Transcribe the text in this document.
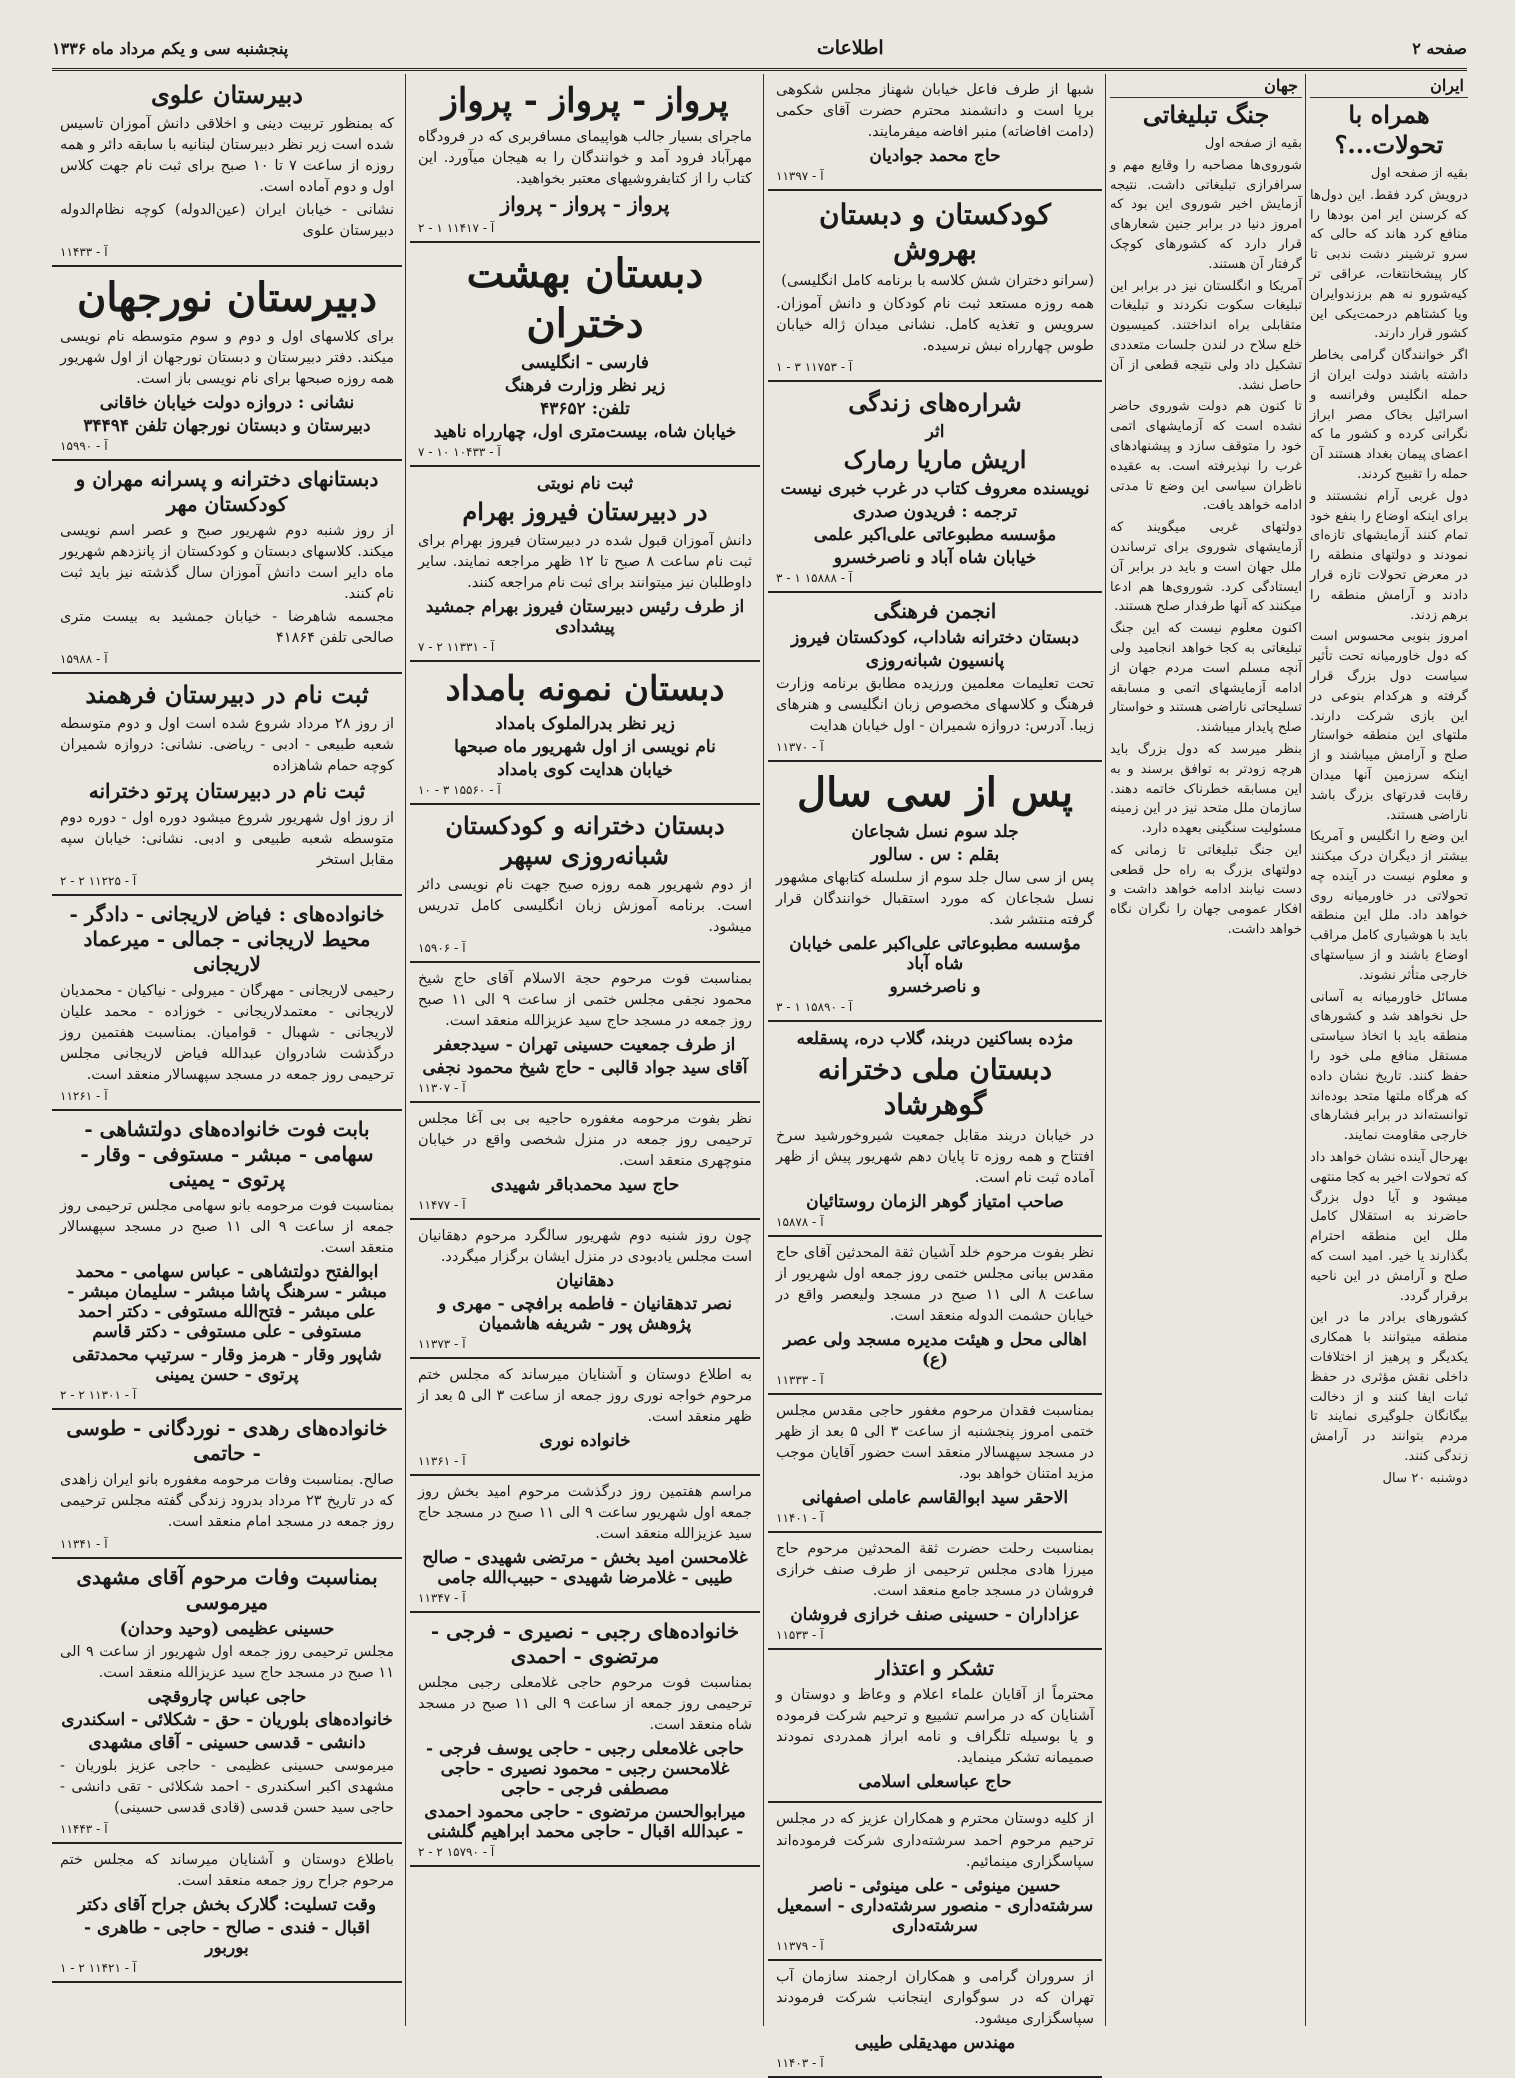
صفحه ۲
اطلاعات
پنجشنبه سی و یکم مرداد ماه ۱۳۳۶
ایران
همراه با تحولات...؟

بقیه از صفحه اول

درویش کرد فقط. این دول‌ها که کرسنن ایر امن بودها را منافع کرد هاند که حالی که سرو ترشینر دشت ندبی تا کار پیشخانتغات، عراقی تر کیه‌شورو نه هم برزندوایران ویا کشتاهم درحمت‌یکی این کشور قرار دارند.

اگر خوانندگان گرامی بخاطر داشته باشند دولت ایران از حمله انگلیس وفرانسه و اسرائیل بخاک مصر ابراز نگرانی کرده و کشور ما که اعضای پیمان بغداد هستند آن حمله را تقبیح کردند.

دول غربی آرام نشستند و برای اینکه اوضاع را بنفع خود تمام کنند آزمایشهای تازه‌ای نمودند و دولتهای منطقه را در معرض تحولات تازه قرار دادند و آرامش منطقه را برهم زدند.

امروز بنوبی محسوس است که دول خاورمیانه تحت تأثیر سیاست دول بزرگ قرار گرفته و هرکدام بنوعی در این بازی شرکت دارند. ملتهای این منطقه خواستار صلح و آرامش میباشند و از اینکه سرزمین آنها میدان رقابت قدرتهای بزرگ باشد ناراضی هستند.

این وضع را انگلیس و آمریکا بیشتر از دیگران درک میکنند و معلوم نیست در آینده چه تحولاتی در خاورمیانه روی خواهد داد. ملل این منطقه باید با هوشیاری کامل مراقب اوضاع باشند و از سیاستهای خارجی متأثر نشوند.

مسائل خاورمیانه به آسانی حل نخواهد شد و کشورهای منطقه باید با اتخاذ سیاستی مستقل منافع ملی خود را حفظ کنند. تاریخ نشان داده که هرگاه ملتها متحد بوده‌اند توانسته‌اند در برابر فشارهای خارجی مقاومت نمایند.

بهرحال آینده نشان خواهد داد که تحولات اخیر به کجا منتهی میشود و آیا دول بزرگ حاضرند به استقلال کامل ملل این منطقه احترام بگذارند یا خیر. امید است که صلح و آرامش در این ناحیه برقرار گردد.

کشورهای برادر ما در این منطقه میتوانند با همکاری یکدیگر و پرهیز از اختلافات داخلی نقش مؤثری در حفظ ثبات ایفا کنند و از دخالت بیگانگان جلوگیری نمایند تا مردم بتوانند در آرامش زندگی کنند.

دوشنبه ۲۰ سال

جهان
جنگ تبلیغاتی

بقیه از صفحه اول

شوروی‌ها مصاحبه را وقایع مهم و سرافرازی تبلیغاتی داشت. نتیجه آزمایش اخیر شوروی این بود که امروز دنیا در برابر جنین شعارهای قرار دارد که کشورهای کوچک گرفتار آن هستند.

آمریکا و انگلستان نیز در برابر این تبلیغات سکوت نکردند و تبلیغات متقابلی براه انداختند. کمیسیون خلع سلاح در لندن جلسات متعددی تشکیل داد ولی نتیجه قطعی از آن حاصل نشد.

تا کنون هم دولت شوروی حاضر نشده است که آزمایشهای اتمی خود را متوقف سازد و پیشنهادهای غرب را نپذیرفته است. به عقیده ناظران سیاسی این وضع تا مدتی ادامه خواهد یافت.

دولتهای غربی میگویند که آزمایشهای شوروی برای ترساندن ملل جهان است و باید در برابر آن ایستادگی کرد. شوروی‌ها هم ادعا میکنند که آنها طرفدار صلح هستند.

اکنون معلوم نیست که این جنگ تبلیغاتی به کجا خواهد انجامید ولی آنچه مسلم است مردم جهان از ادامه آزمایشهای اتمی و مسابقه تسلیحاتی ناراضی هستند و خواستار صلح پایدار میباشند.

بنظر میرسد که دول بزرگ باید هرچه زودتر به توافق برسند و به این مسابقه خطرناک خاتمه دهند. سازمان ملل متحد نیز در این زمینه مسئولیت سنگینی بعهده دارد.

این جنگ تبلیغاتی تا زمانی که دولتهای بزرگ به راه حل قطعی دست نیابند ادامه خواهد داشت و افکار عمومی جهان را نگران نگاه خواهد داشت.

شبها از طرف فاعل خیابان شهناز مجلس شکوهی برپا است و دانشمند محترم حضرت آقای حکمی (دامت افاضاته) منبر افاضه میفرمایند.

حاج محمد جوادیان
آ - ۱۱۳۹۷
کودکستان و دبستان بهروش

(سرانو دختران شش کلاسه با برنامه کامل انگلیسی)

همه روزه مستعد ثبت نام کودکان و دانش آموزان. سرویس و تغذیه کامل. نشانی میدان ژاله خیابان طوس چهارراه نبش نرسیده.

آ - ۱۱۷۵۳ ۳ - ۱
شراره‌های زندگی
اثر
اریش ماریا رمارک
نویسنده معروف کتاب در غرب خبری نیست
ترجمه : فریدون صدری
مؤسسه مطبوعاتی علی‌اکبر علمی
خیابان شاه آباد و ناصرخسرو
آ - ۱۵۸۸۸ ۱ - ۳
انجمن فرهنگی
دبستان دخترانه شاداب، کودکستان فیروز
پانسیون شبانه‌روزی

تحت تعلیمات معلمین ورزیده مطابق برنامه وزارت فرهنگ و کلاسهای مخصوص زبان انگلیسی و هنرهای زیبا. آدرس: دروازه شمیران - اول خیابان هدایت

آ - ۱۱۳۷۰
پس از سی سال
جلد سوم نسل شجاعان
بقلم : س . سالور

پس از سی سال جلد سوم از سلسله کتابهای مشهور نسل شجاعان که مورد استقبال خوانندگان قرار گرفته منتشر شد.

مؤسسه مطبوعاتی علی‌اکبر علمی خیابان شاه آباد
و ناصرخسرو
آ - ۱۵۸۹۰ ۱ - ۳
مژده بساکنین دربند، گلاب دره، پسقلعه
دبستان ملی دخترانه گوهرشاد

در خیابان دربند مقابل جمعیت شیروخورشید سرخ افتتاح و همه روزه تا پایان دهم شهریور پیش از ظهر آماده ثبت نام است.

صاحب امتیاز گوهر الزمان روستائیان
آ - ۱۵۸۷۸

نظر بفوت مرحوم خلد آشیان ثقة المحدثین آقای حاج مقدس ببانی مجلس ختمی روز جمعه اول شهریور از ساعت ۸ الی ۱۱ صبح در مسجد ولیعصر واقع در خیابان حشمت الدوله منعقد است.

اهالی محل و هیئت مدیره مسجد ولی عصر (ع)
آ - ۱۱۳۳۳

بمناسبت فقدان مرحوم مغفور حاجی مقدس مجلس ختمی امروز پنجشنبه از ساعت ۳ الی ۵ بعد از ظهر در مسجد سپهسالار منعقد است حضور آقایان موجب مزید امتنان خواهد بود.

الاحقر سید ابوالقاسم عاملی اصفهانی
آ - ۱۱۴۰۱

بمناسبت رحلت حضرت ثقة المحدثین مرحوم حاج میرزا هادی مجلس ترحیمی از طرف صنف خرازی فروشان در مسجد جامع منعقد است.

عزاداران - حسینی صنف خرازی فروشان
آ - ۱۱۵۳۳
تشکر و اعتذار

محترماً از آقایان علماء اعلام و وعاظ و دوستان و آشنایان که در مراسم تشییع و ترحیم شرکت فرموده و یا بوسیله تلگراف و نامه ابراز همدردی نمودند صمیمانه تشکر مینماید.

حاج عباسعلی اسلامی

از کلیه دوستان محترم و همکاران عزیز که در مجلس ترحیم مرحوم احمد سرشته‌داری شرکت فرموده‌اند سپاسگزاری مینمائیم.

حسین مینوئی - علی مینوئی - ناصر سرشته‌داری - منصور سرشته‌داری - اسمعیل سرشته‌داری
آ - ۱۱۳۷۹

از سروران گرامی و همکاران ارجمند سازمان آب تهران که در سوگواری اینجانب شرکت فرمودند سپاسگزاری میشود.

مهندس مهدیقلی طیبی
آ - ۱۱۴۰۳
پرواز - پرواز - پرواز

ماجرای بسیار جالب هواپیمای مسافربری که در فرودگاه مهرآباد فرود آمد و خوانندگان را به هیجان میآورد. این کتاب را از کتابفروشیهای معتبر بخواهید.

پرواز - پرواز - پرواز
آ - ۱۱۴۱۷ ۱ - ۲
دبستان بهشت دختران
فارسی - انگلیسی
زیر نظر وزارت فرهنگ
تلفن: ۴۳۶۵۲
خیابان شاه، بیست‌متری اول، چهارراه ناهید
آ - ۱۰۴۳۳ ۱۰ - ۷
ثبت نام نوبتی
در دبیرستان فیروز بهرام

دانش آموزان قبول شده در دبیرستان فیروز بهرام برای ثبت نام ساعت ۸ صبح تا ۱۲ ظهر مراجعه نمایند. سایر داوطلبان نیز میتوانند برای ثبت نام مراجعه کنند.

از طرف رئیس دبیرستان فیروز بهرام جمشید پیشدادی
آ - ۱۱۳۳۱ ۲ - ۷
دبستان نمونه بامداد
زیر نظر بدرالملوک بامداد
نام نویسی از اول شهریور ماه صبحها
خیابان هدایت کوی بامداد
آ - ۱۵۵۶۰ ۳ - ۱۰
دبستان دخترانه و کودکستان شبانه‌روزی سپهر

از دوم شهریور همه روزه صبح جهت نام نویسی دائر است. برنامه آموزش زبان انگلیسی کامل تدریس میشود.

آ - ۱۵۹۰۶

بمناسبت فوت مرحوم حجة الاسلام آقای حاج شیخ محمود نجفی مجلس ختمی از ساعت ۹ الی ۱۱ صبح روز جمعه در مسجد حاج سید عزیزالله منعقد است.

از طرف جمعیت حسینی تهران - سیدجعفر
آقای سید جواد قالبی - حاج شیخ محمود نجفی
آ - ۱۱۳۰۷

نظر بفوت مرحومه مغفوره حاجیه بی بی آغا مجلس ترحیمی روز جمعه در منزل شخصی واقع در خیابان منوچهری منعقد است.

حاج سید محمدباقر شهیدی
آ - ۱۱۴۷۷

چون روز شنبه دوم شهریور سالگرد مرحوم دهقانیان است مجلس یادبودی در منزل ایشان برگزار میگردد.

دهقانیان
نصر تدهقانیان - فاطمه برافچی - مهری و پژوهش پور - شریفه هاشمیان
آ - ۱۱۳۷۳

به اطلاع دوستان و آشنایان میرساند که مجلس ختم مرحوم خواجه نوری روز جمعه از ساعت ۳ الی ۵ بعد از ظهر منعقد است.

خانواده نوری
آ - ۱۱۳۶۱

مراسم هفتمین روز درگذشت مرحوم امید بخش روز جمعه اول شهریور ساعت ۹ الی ۱۱ صبح در مسجد حاج سید عزیزالله منعقد است.

غلامحسن امید بخش - مرتضی شهیدی - صالح طیبی - غلامرضا شهیدی - حبیب‌الله جامی
آ - ۱۱۳۴۷
خانواده‌های رجبی - نصیری - فرجی - مرتضوی - احمدی

بمناسبت فوت مرحوم حاجی غلامعلی رجبی مجلس ترحیمی روز جمعه از ساعت ۹ الی ۱۱ صبح در مسجد شاه منعقد است.

حاجی غلامعلی رجبی - حاجی یوسف فرجی - غلامحسن رجبی - محمود نصیری - حاجی مصطفی فرجی - حاجی
میرابوالحسن مرتضوی - حاجی محمود احمدی - عبدالله اقبال - حاجی محمد ابراهیم گلشنی
آ - ۱۵۷۹۰ ۲ - ۲
دبیرستان علوی

که بمنظور تربیت دینی و اخلاقی دانش آموزان تاسیس شده است زیر نظر دبیرستان لبنانیه با سابقه دائر و همه روزه از ساعت ۷ تا ۱۰ صبح برای ثبت نام جهت کلاس اول و دوم آماده است.

نشانی - خیابان ایران (عین‌الدوله) کوچه نظام‌الدوله دبیرستان علوی

آ - ۱۱۴۳۳
دبیرستان نورجهان

برای کلاسهای اول و دوم و سوم متوسطه نام نویسی میکند. دفتر دبیرستان و دبستان نورجهان از اول شهریور همه روزه صبحها برای نام نویسی باز است.

نشانی : دروازه دولت خیابان خاقانی
دبیرستان و دبستان نورجهان تلفن ۳۴۴۹۴
آ - ۱۵۹۹۰
دبستانهای دخترانه و پسرانه مهران و کودکستان مهر

از روز شنبه دوم شهریور صبح و عصر اسم نویسی میکند. کلاسهای دبستان و کودکستان از پانزدهم شهریور ماه دایر است دانش آموزان سال گذشته نیز باید ثبت نام کنند.

مجسمه شاهرضا - خیابان جمشید به بیست متری صالحی تلفن ۴۱۸۶۴

آ - ۱۵۹۸۸
ثبت نام در دبیرستان فرهمند

از روز ۲۸ مرداد شروع شده است اول و دوم متوسطه شعبه طبیعی - ادبی - ریاضی. نشانی: دروازه شمیران کوچه حمام شاهزاده

ثبت نام در دبیرستان پرتو دخترانه

از روز اول شهریور شروع میشود دوره اول - دوره دوم متوسطه شعبه طبیعی و ادبی. نشانی: خیابان سپه مقابل استخر

آ - ۱۱۲۲۵ ۲ - ۲
خانواده‌های : فیاض لاریجانی - دادگر - محیط لاریجانی - جمالی - میرعماد لاریجانی

رحیمی لاریجانی - مهرگان - میرولی - نیاکیان - محمدیان لاریجانی - معتمدلاریجانی - خوزاده - محمد علیان لاریجانی - شهبال - قوامیان. بمناسبت هفتمین روز درگذشت شادروان عبدالله فیاض لاریجانی مجلس ترحیمی روز جمعه در مسجد سپهسالار منعقد است.

آ - ۱۱۲۶۱
بابت فوت خانواده‌های دولتشاهی - سهامی - مبشر - مستوفی - وقار - پرتوی - یمینی

بمناسبت فوت مرحومه بانو سهامی مجلس ترحیمی روز جمعه از ساعت ۹ الی ۱۱ صبح در مسجد سپهسالار منعقد است.

ابوالفتح دولتشاهی - عباس سهامی - محمد مبشر - سرهنگ پاشا مبشر - سلیمان مبشر - علی مبشر - فتح‌الله مستوفی - دکتر احمد مستوفی - علی مستوفی - دکتر قاسم
شاپور وقار - هرمز وقار - سرتیپ محمدتقی پرتوی - حسن یمینی
آ - ۱۱۳۰۱ ۲ - ۲
خانواده‌های رهدی - نوردگانی - طوسی - حاتمی

صالح. بمناسبت وفات مرحومه مغفوره بانو ایران زاهدی که در تاریخ ۲۳ مرداد بدرود زندگی گفته مجلس ترحیمی روز جمعه در مسجد امام منعقد است.

آ - ۱۱۳۴۱
بمناسبت وفات مرحوم آقای مشهدی میرموسی
حسینی عظیمی (وحید وحدان)

مجلس ترحیمی روز جمعه اول شهریور از ساعت ۹ الی ۱۱ صبح در مسجد حاج سید عزیزالله منعقد است.

حاجی عباس چاروقچی
خانواده‌های بلوریان - حق - شکلائی - اسکندری
دانشی - قدسی حسینی - آقای مشهدی

میرموسی حسینی عظیمی - حاجی عزیز بلوریان - مشهدی اکبر اسکندری - احمد شکلائی - تقی دانشی - حاجی سید حسن قدسی (قادی قدسی حسینی)

آ - ۱۱۴۴۳

باطلاع دوستان و آشنایان میرساند که مجلس ختم مرحوم جراح روز جمعه منعقد است.

وقت تسلیت: گلارک بخش جراح آقای دکتر
اقبال - فندی - صالح - حاجی - طاهری - بوربور
آ - ۱۱۴۲۱ ۲ - ۱
